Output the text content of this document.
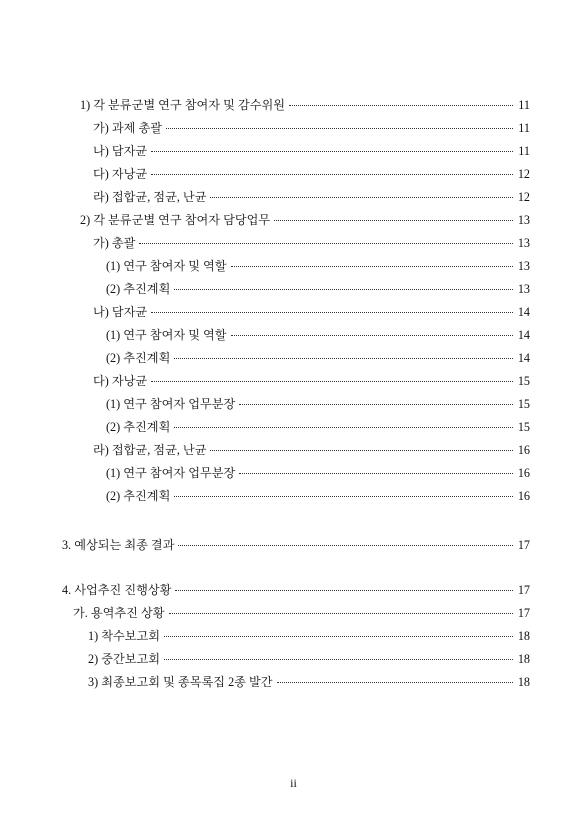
1) 각 분류군별 연구 참여자 및 감수위원	11
가) 과제 총괄	11
나) 담자균	11
다) 자낭균	12
라) 접합균, 점균, 난균	12
2) 각 분류군별 연구 참여자 담당업무	13
가) 총괄	13
(1) 연구 참여자 및 역할	13
(2) 추진계획	13
나) 담자균	14
(1) 연구 참여자 및 역할	14
(2) 추진계획	14
다) 자낭균	15
(1) 연구 참여자 업무분장	15
(2) 추진계획	15
라) 접합균, 점균, 난균	16
(1) 연구 참여자 업무분장	16
(2) 추진계획	16
3. 예상되는 최종 결과	17
4. 사업추진 진행상황	17
가. 용역추진 상황	17
1) 착수보고회	18
2) 중간보고회	18
3) 최종보고회 및 종목록집 2종 발간	18
ii
